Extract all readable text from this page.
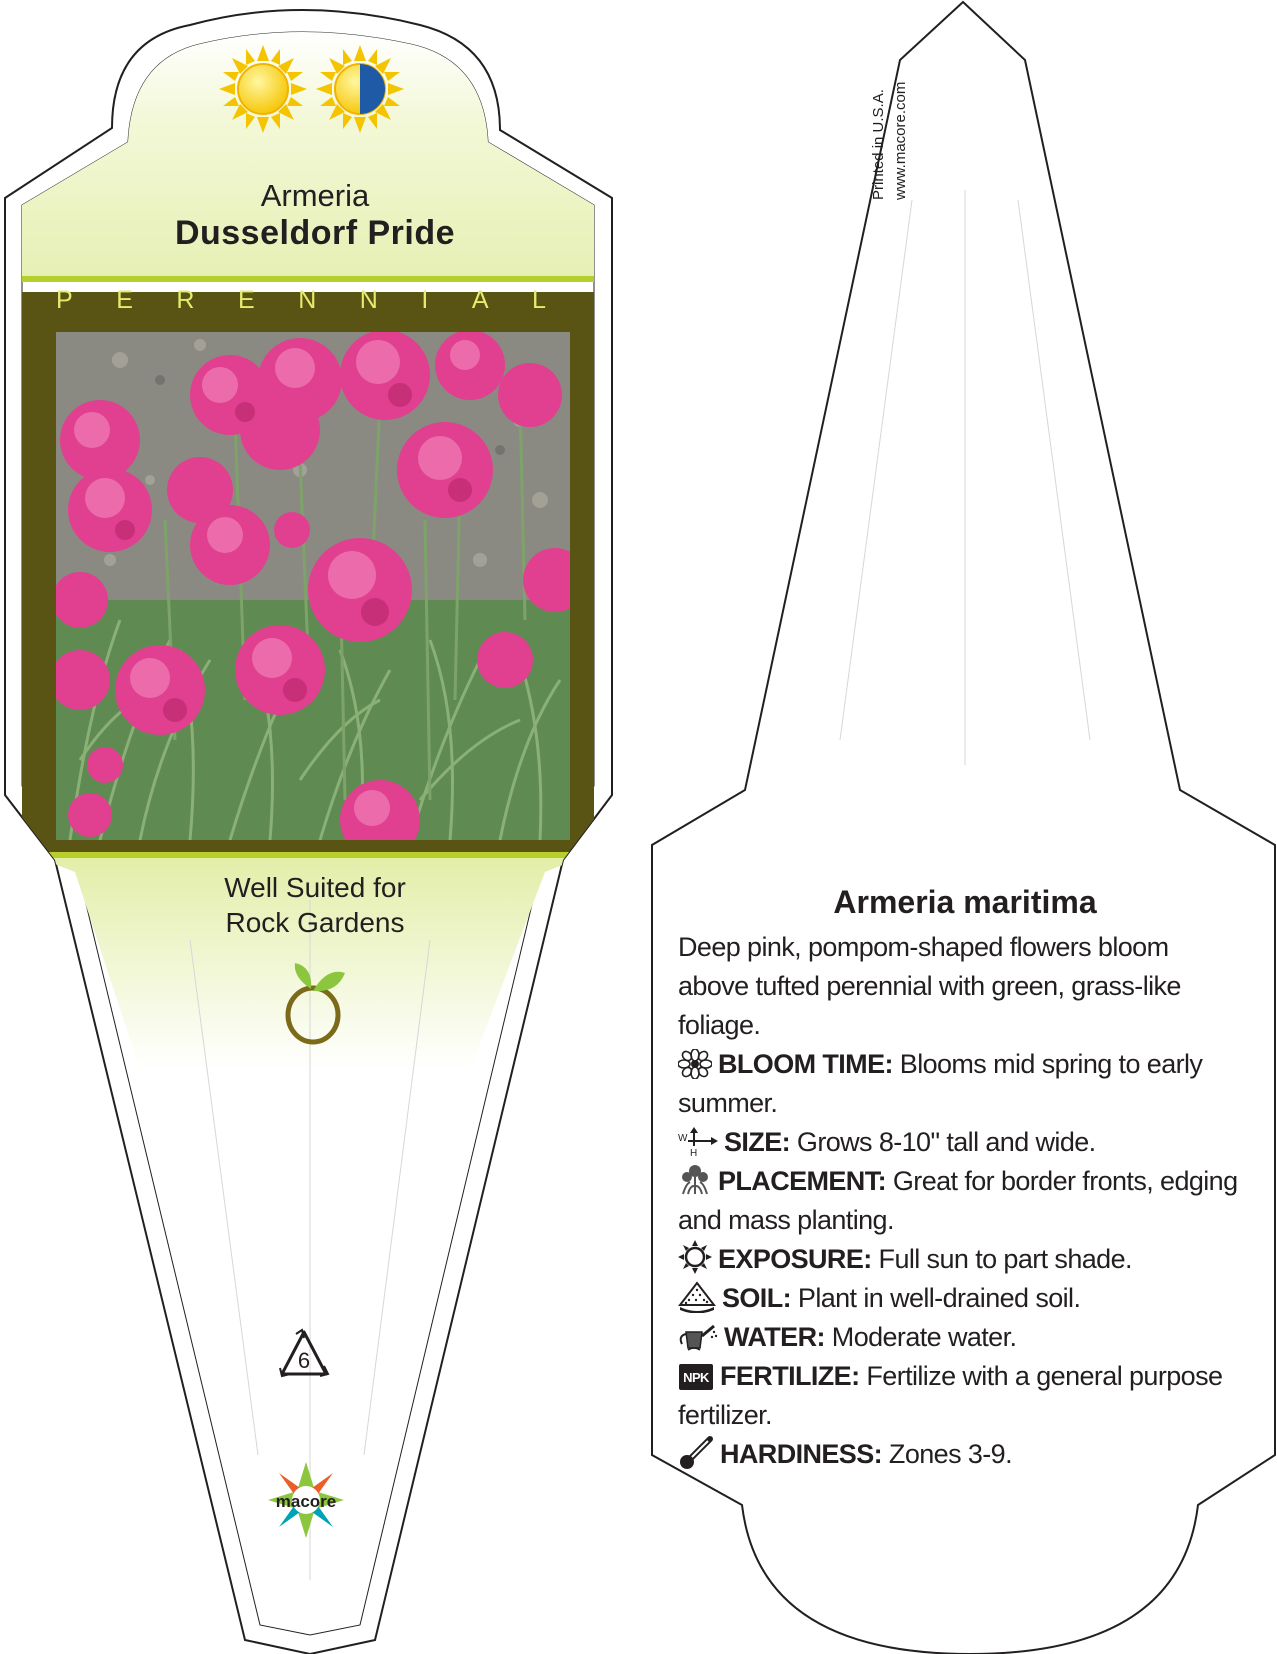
Armeria
Dusseldorf Pride
P E R E N N I A L
Well Suited for
Rock Gardens
6
macore
Printed in U.S.A. www.macore.com
Armeria maritima

Deep pink, pompom-shaped flowers bloom above tufted perennial with green, grass-like foliage.

BLOOM TIME: Blooms mid spring to early summer.

W
H SIZE: Grows 8-10" tall and wide.

PLACEMENT: Great for border fronts, edging and mass planting.

EXPOSURE: Full sun to part shade.

SOIL: Plant in well-drained soil.

WATER: Moderate water.

NPK FERTILIZE: Fertilize with a general purpose fertilizer.

HARDINESS: Zones 3-9.
